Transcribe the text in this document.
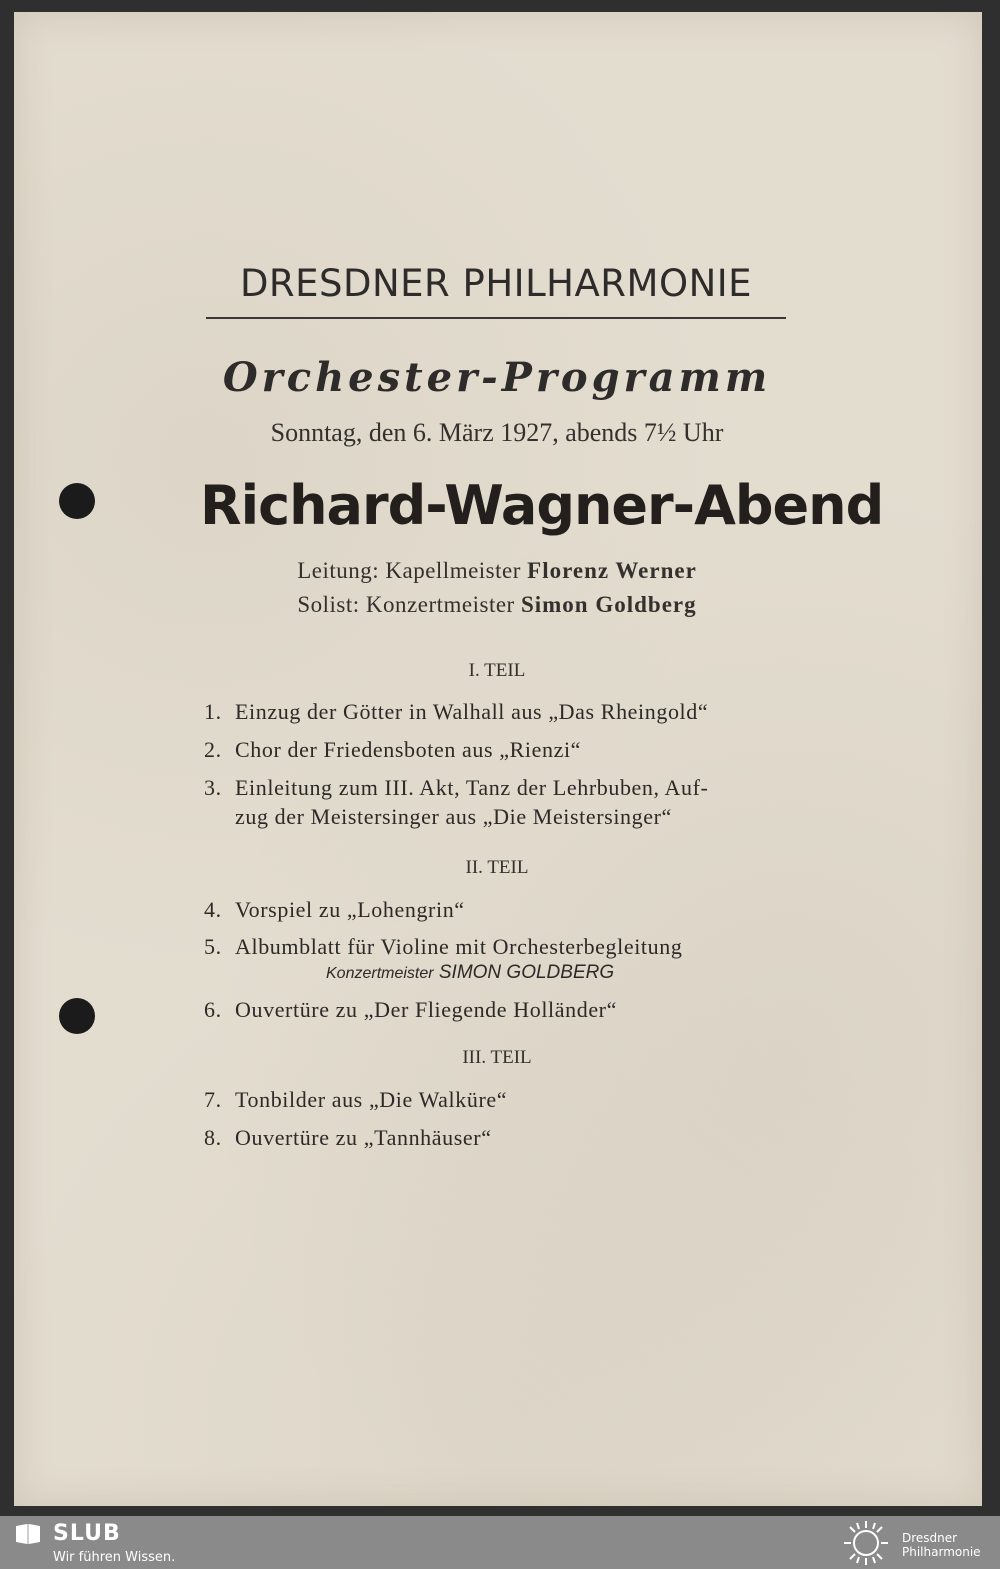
DRESDNER PHILHARMONIE
Orchester-Programm
Sonntag, den 6. März 1927, abends 7½ Uhr
Richard-Wagner-Abend
Leitung: Kapellmeister Florenz Werner
Solist: Konzertmeister Simon Goldberg
I. TEIL
1. Einzug der Götter in Walhall aus „Das Rheingold“
2. Chor der Friedensboten aus „Rienzi“
3. Einleitung zum III. Akt, Tanz der Lehrbuben, Auf-
zug der Meistersinger aus „Die Meistersinger“
II. TEIL
4. Vorspiel zu „Lohengrin“
5. Albumblatt für Violine mit Orchesterbegleitung
Konzertmeister SIMON GOLDBERG
6. Ouvertüre zu „Der Fliegende Holländer“
III. TEIL
7. Tonbilder aus „Die Walküre“
8. Ouvertüre zu „Tannhäuser“
SLUB
Wir führen Wissen.
Dresdner
Philharmonie
